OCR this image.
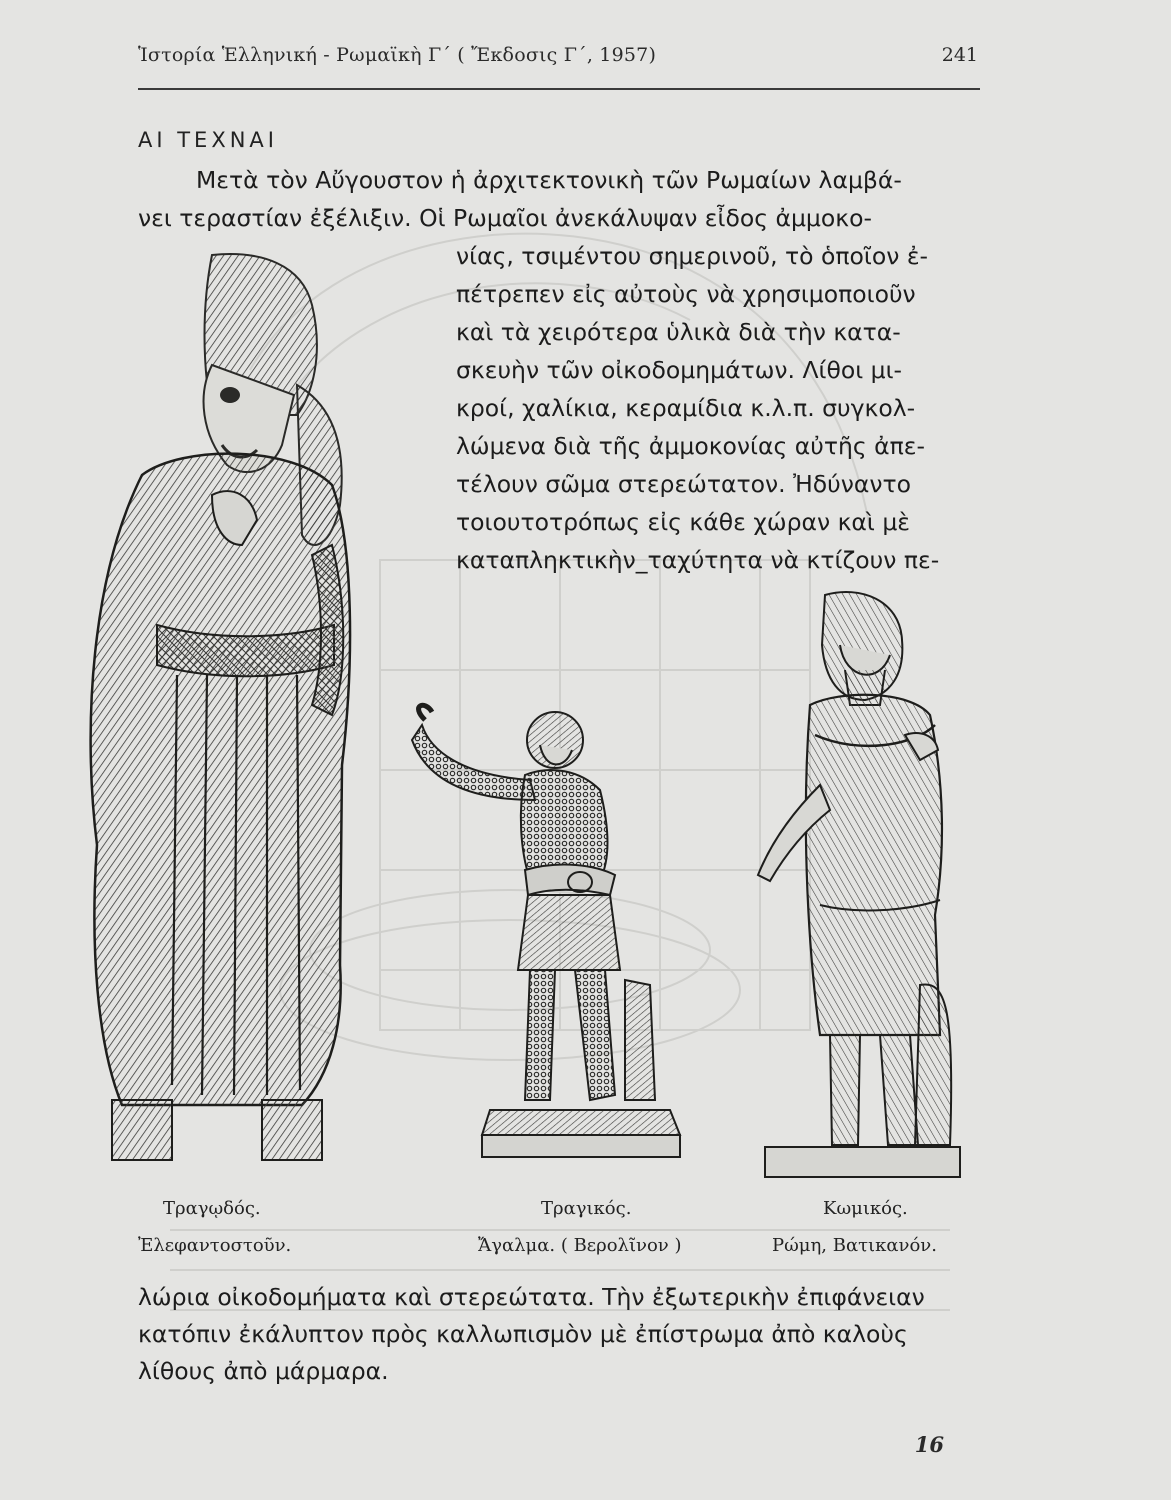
Ἱστορία Ἑλληνική - Ρωμαϊκὴ Γ΄ ( Ἔκδοσις Γ΄, 1957)	241
ΑΙ ΤΕΧΝΑΙ
Μετὰ τὸν Αὔγουστον ἡ ἀρχιτεκτονικὴ τῶν Ρωμαίων λαμβά-
νει τεραστίαν ἐξέλιξιν. Οἱ Ρωμαῖοι ἀνεκάλυψαν εἶδος ἀμμοκο-
νίας, τσιμέντου σημερινοῦ, τὸ ὁποῖον ἐ-
πέτρεπεν εἰς αὐτοὺς νὰ χρησιμοποιοῦν
καὶ τὰ χειρότερα ὑλικὰ διὰ τὴν κατα-
σκευὴν τῶν οἰκοδομημάτων. Λίθοι μι-
κροί, χαλίκια, κεραμίδια κ.λ.π. συγκολ-
λώμενα διὰ τῆς ἀμμοκονίας αὐτῆς ἀπε-
τέλουν σῶμα στερεώτατον. Ἠδύναντο
τοιουτοτρόπως εἰς κάθε χώραν καὶ μὲ
καταπληκτικὴν_ταχύτητα νὰ κτίζουν πε-
Τραγῳδός.
Ἐλεφαντοστοῦν.
Τραγικός.
Ἄγαλμα. ( Βερολῖνον )
Κωμικός.
Ρώμη, Βατικανόν.
λώρια οἰκοδομήματα καὶ στερεώτατα. Τὴν ἐξωτερικὴν ἐπιφάνειαν
κατόπιν ἐκάλυπτον πρὸς καλλωπισμὸν μὲ ἐπίστρωμα ἀπὸ καλοὺς
λίθους ἀπὸ μάρμαρα.
16
